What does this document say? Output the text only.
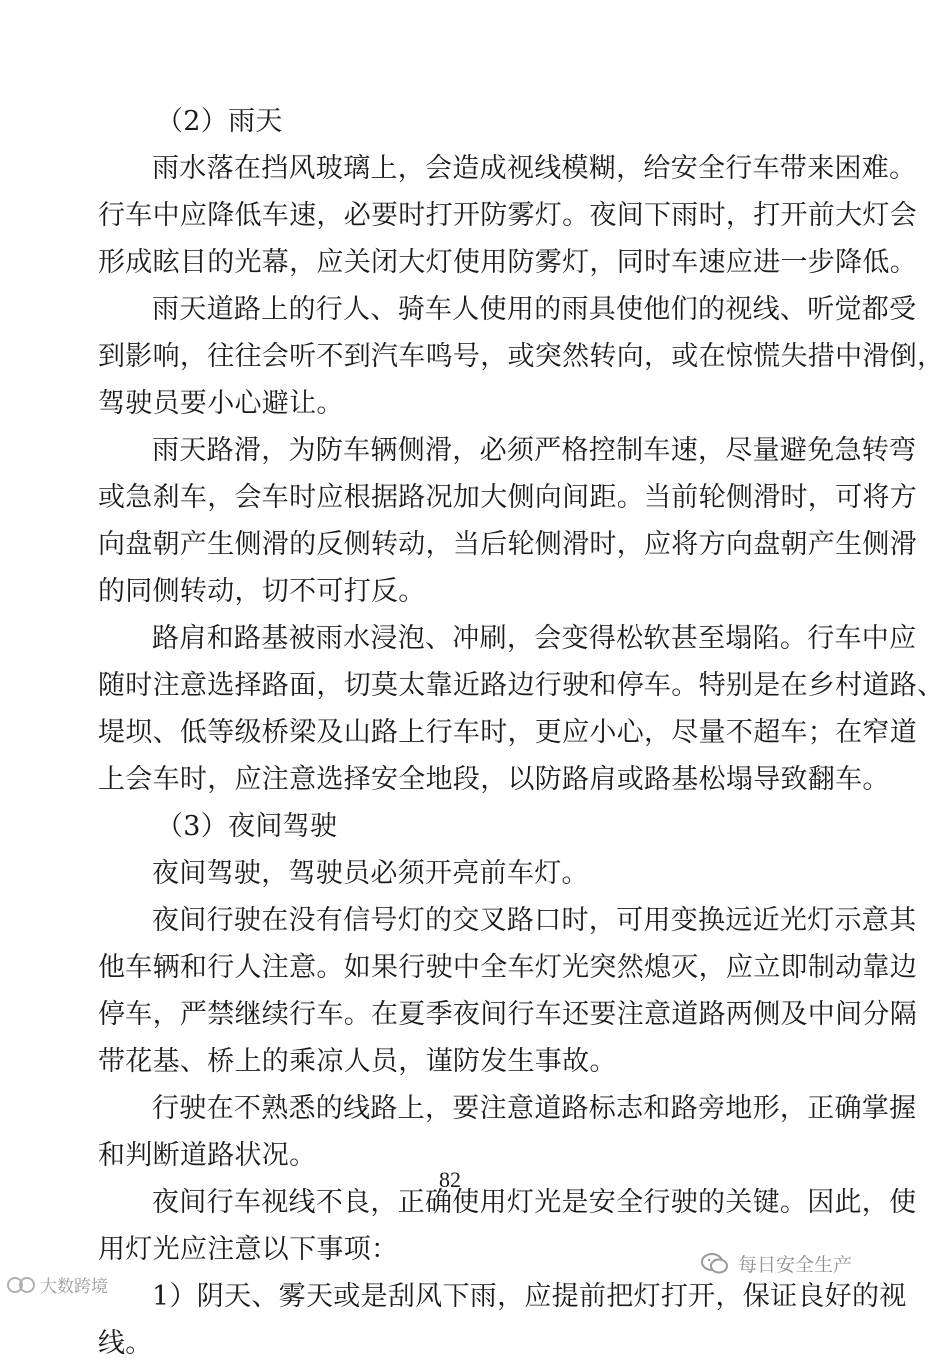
（2）雨天
雨水落在挡风玻璃上，会造成视线模糊，给安全行车带来困难。
行车中应降低车速，必要时打开防雾灯。夜间下雨时，打开前大灯会
形成眩目的光幕，应关闭大灯使用防雾灯，同时车速应进一步降低。
雨天道路上的行人、骑车人使用的雨具使他们的视线、听觉都受
到影响，往往会听不到汽车鸣号，或突然转向，或在惊慌失措中滑倒，
驾驶员要小心避让。
雨天路滑，为防车辆侧滑，必须严格控制车速，尽量避免急转弯
或急刹车，会车时应根据路况加大侧向间距。当前轮侧滑时，可将方
向盘朝产生侧滑的反侧转动，当后轮侧滑时，应将方向盘朝产生侧滑
的同侧转动，切不可打反。
路肩和路基被雨水浸泡、冲刷，会变得松软甚至塌陷。行车中应
随时注意选择路面，切莫太靠近路边行驶和停车。特别是在乡村道路、
堤坝、低等级桥梁及山路上行车时，更应小心，尽量不超车；在窄道
上会车时，应注意选择安全地段，以防路肩或路基松塌导致翻车。
（3）夜间驾驶
夜间驾驶，驾驶员必须开亮前车灯。
夜间行驶在没有信号灯的交叉路口时，可用变换远近光灯示意其
他车辆和行人注意。如果行驶中全车灯光突然熄灭，应立即制动靠边
停车，严禁继续行车。在夏季夜间行车还要注意道路两侧及中间分隔
带花基、桥上的乘凉人员，谨防发生事故。
行驶在不熟悉的线路上，要注意道路标志和路旁地形，正确掌握
和判断道路状况。
夜间行车视线不良，正确使用灯光是安全行驶的关键。因此，使
用灯光应注意以下事项：
1）阴天、雾天或是刮风下雨，应提前把灯打开，保证良好的视
线。
82
大数跨境
每日安全生产
